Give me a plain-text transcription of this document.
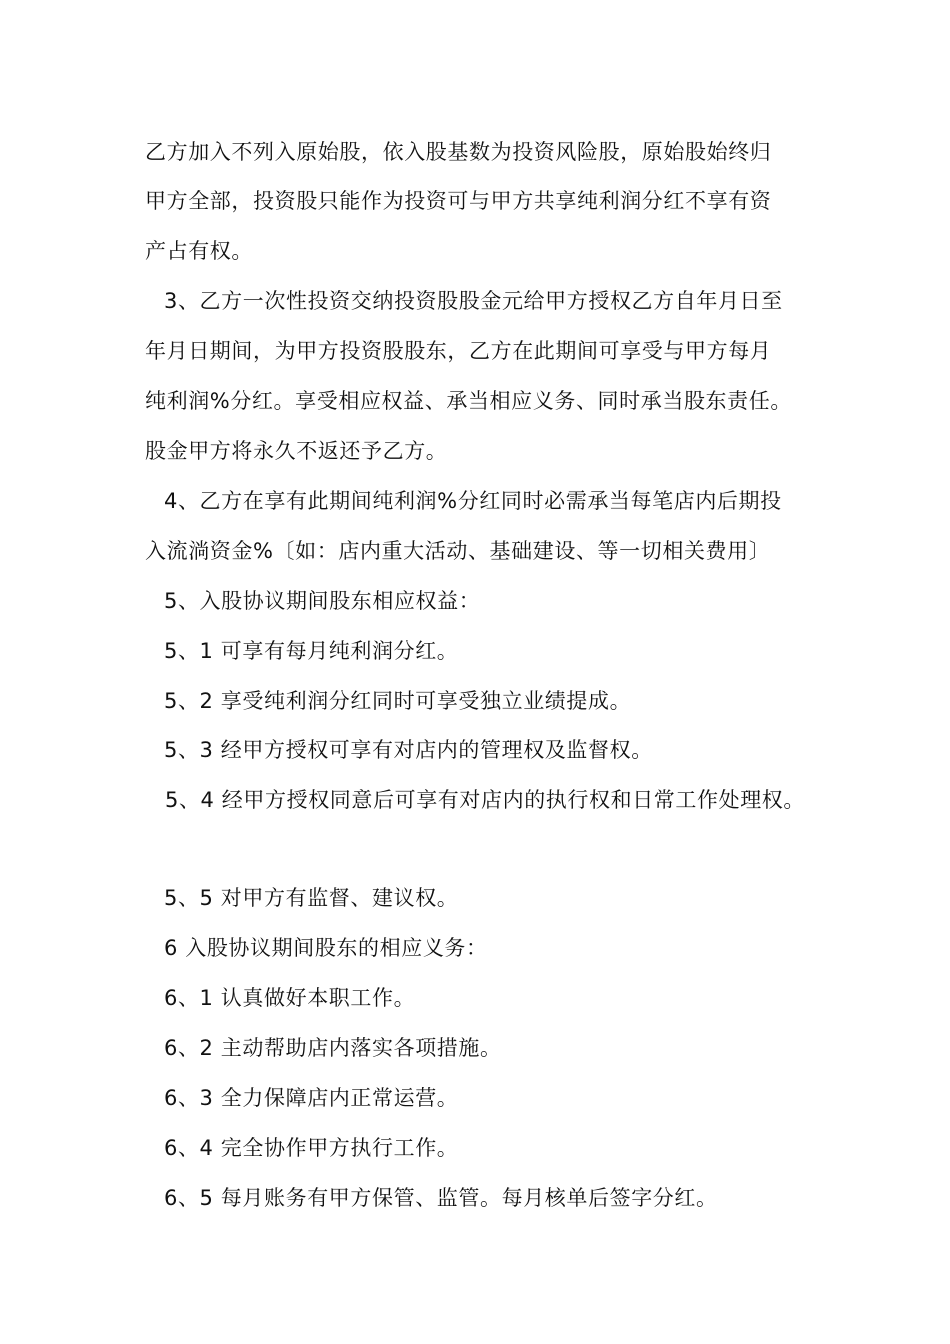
乙方加入不列入原始股，依入股基数为投资风险股，原始股始终归
甲方全部，投资股只能作为投资可与甲方共享纯利润分红不享有资
产占有权。
3、乙方一次性投资交纳投资股股金元给甲方授权乙方自年月日至
年月日期间，为甲方投资股股东，乙方在此期间可享受与甲方每月
纯利润%分红。享受相应权益、承当相应义务、同时承当股东责任。
股金甲方将永久不返还予乙方。
4、乙方在享有此期间纯利润%分红同时必需承当每笔店内后期投
入流淌资金%〔如：店内重大活动、基础建设、等一切相关费用〕
5、入股协议期间股东相应权益：
5、1 可享有每月纯利润分红。
5、2 享受纯利润分红同时可享受独立业绩提成。
5、3 经甲方授权可享有对店内的管理权及监督权。
5、4 经甲方授权同意后可享有对店内的执行权和日常工作处理权。
5、5 对甲方有监督、建议权。
6 入股协议期间股东的相应义务：
6、1 认真做好本职工作。
6、2 主动帮助店内落实各项措施。
6、3 全力保障店内正常运营。
6、4 完全协作甲方执行工作。
6、5 每月账务有甲方保管、监管。每月核单后签字分红。
